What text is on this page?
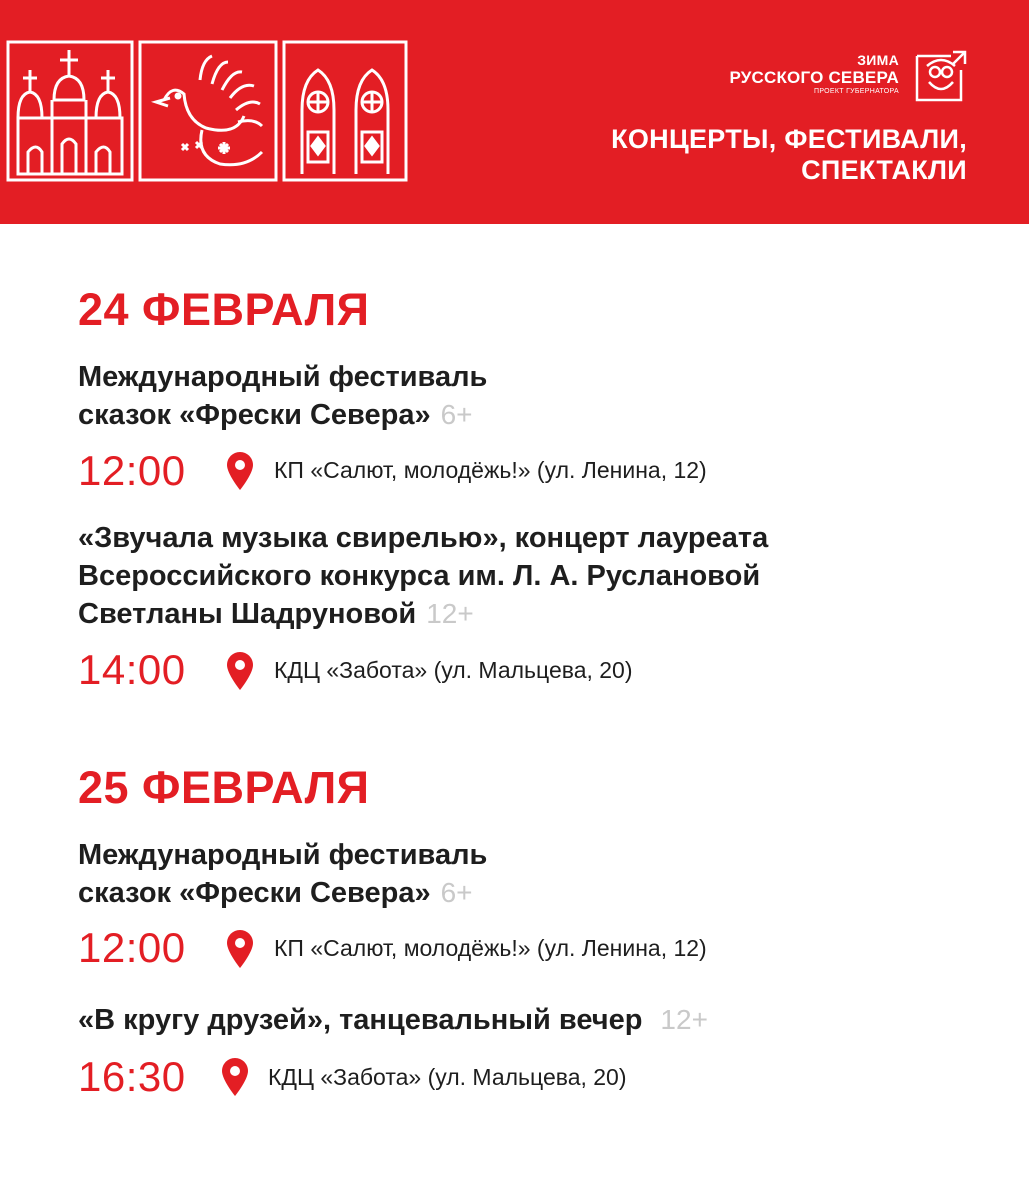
ЗИМА
РУССКОГО СЕВЕРА
ПРОЕКТ ГУБЕРНАТОРА
КОНЦЕРТЫ, ФЕСТИВАЛИ,
СПЕКТАКЛИ
24 ФЕВРАЛЯ
Международный фестиваль
сказок «Фрески Севера» 6+
12:00	КП «Салют, молодёжь!» (ул. Ленина, 12)
«Звучала музыка свирелью», концерт лауреата
Всероссийского конкурса им. Л. А. Руслановой
Светланы Шадруновой 12+
14:00	КДЦ «Забота» (ул. Мальцева, 20)
25 ФЕВРАЛЯ
Международный фестиваль
сказок «Фрески Севера» 6+
12:00	КП «Салют, молодёжь!» (ул. Ленина, 12)
«В кругу друзей», танцевальный вечер 12+
16:30	КДЦ «Забота» (ул. Мальцева, 20)
